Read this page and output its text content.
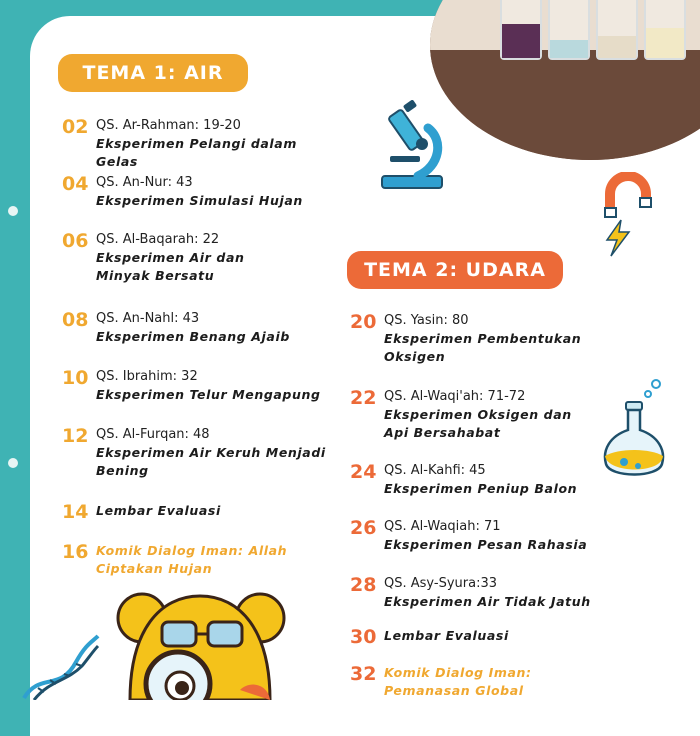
TEMA 1: AIR
TEMA 2: UDARA
02 QS. Ar-Rahman: 19-20
Eksperimen Pelangi dalam Gelas
04 QS. An-Nur: 43
Eksperimen Simulasi Hujan
06 QS. Al-Baqarah: 22
Eksperimen Air dan Minyak Bersatu
08 QS. An-Nahl: 43
Eksperimen Benang Ajaib
10 QS. Ibrahim: 32
Eksperimen Telur Mengapung
12 QS. Al-Furqan: 48
Eksperimen Air Keruh Menjadi Bening
14 Lembar Evaluasi
16 Komik Dialog Iman: Allah Ciptakan Hujan
20 QS. Yasin: 80
Eksperimen Pembentukan Oksigen
22 QS. Al-Waqi'ah: 71-72
Eksperimen Oksigen dan Api Bersahabat
24 QS. Al-Kahfi: 45
Eksperimen Peniup Balon
26 QS. Al-Waqiah: 71
Eksperimen Pesan Rahasia
28 QS. Asy-Syura:33
Eksperimen Air Tidak Jatuh
30 Lembar Evaluasi
32 Komik Dialog Iman: Pemanasan Global
